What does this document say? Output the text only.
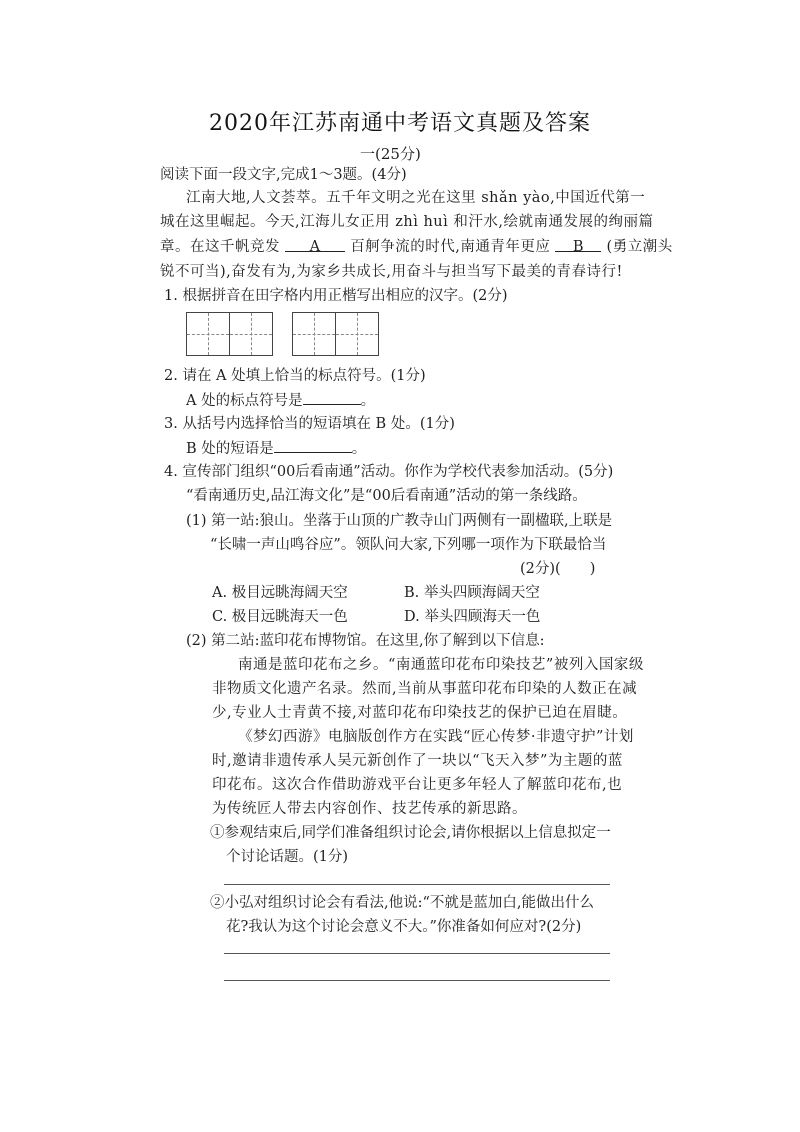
2020年江苏南通中考语文真题及答案
一(25分)
阅读下面一段文字,完成1～3题。(4分)
江南大地,人文荟萃。五千年文明之光在这里 shǎn yào,中国近代第一
城在这里崛起。今天,江海儿女正用 zhì huì 和汗水,绘就南通发展的绚丽篇
章。在这千帆竞发 A 百舸争流的时代,南通青年更应 B (勇立潮头
锐不可当),奋发有为,为家乡共成长,用奋斗与担当写下最美的青春诗行!
1. 根据拼音在田字格内用正楷写出相应的汉字。(2分)
2. 请在 A 处填上恰当的标点符号。(1分)
A 处的标点符号是	。
3. 从括号内选择恰当的短语填在 B 处。(1分)
B 处的短语是	。
4. 宣传部门组织“00后看南通”活动。你作为学校代表参加活动。(5分)
“看南通历史,品江海文化”是“00后看南通”活动的第一条线路。
(1) 第一站:狼山。坐落于山顶的广教寺山门两侧有一副楹联,上联是
“长啸一声山鸣谷应”。领队问大家,下列哪一项作为下联最恰当
(2分)(　　)
A. 极目远眺海阔天空	B. 举头四顾海阔天空
C. 极目远眺海天一色	D. 举头四顾海天一色
(2) 第二站:蓝印花布博物馆。在这里,你了解到以下信息:
南通是蓝印花布之乡。“南通蓝印花布印染技艺”被列入国家级
非物质文化遗产名录。然而,当前从事蓝印花布印染的人数正在减
少,专业人士青黄不接,对蓝印花布印染技艺的保护已迫在眉睫。
《梦幻西游》电脑版创作方在实践“匠心传梦·非遗守护”计划
时,邀请非遗传承人吴元新创作了一块以“飞天入梦”为主题的蓝
印花布。这次合作借助游戏平台让更多年轻人了解蓝印花布,也
为传统匠人带去内容创作、技艺传承的新思路。
①参观结束后,同学们准备组织讨论会,请你根据以上信息拟定一
个讨论话题。(1分)
②小弘对组织讨论会有看法,他说:“不就是蓝加白,能做出什么
花?我认为这个讨论会意义不大。”你准备如何应对?(2分)
